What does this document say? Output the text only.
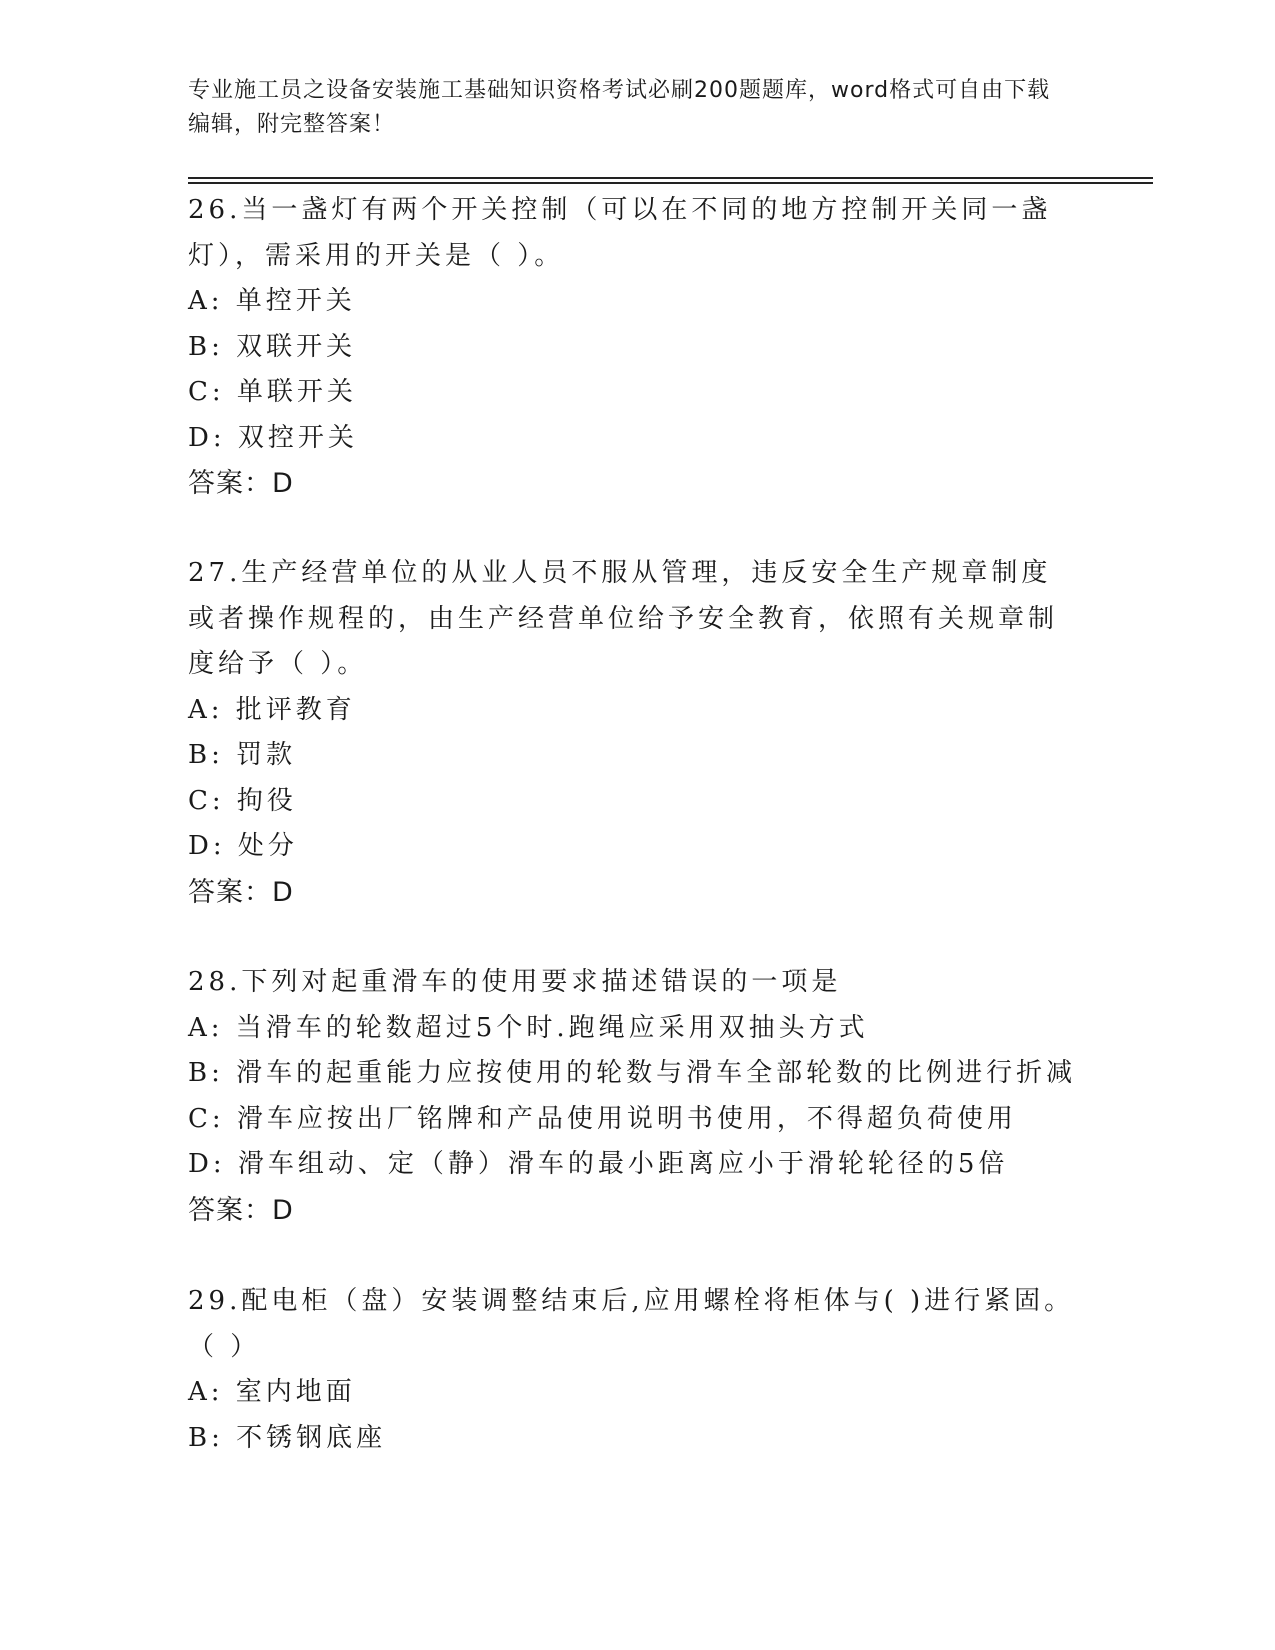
专业施工员之设备安装施工基础知识资格考试必刷200题题库，word格式可自由下载编辑，附完整答案！
26.当一盏灯有两个开关控制（可以在不同的地方控制开关同一盏灯），需采用的开关是（ ）。
A: 单控开关
B: 双联开关
C: 单联开关
D: 双控开关
答案：D
27.生产经营单位的从业人员不服从管理，违反安全生产规章制度或者操作规程的，由生产经营单位给予安全教育，依照有关规章制度给予（ ）。
A: 批评教育
B: 罚款
C: 拘役
D: 处分
答案：D
28.下列对起重滑车的使用要求描述错误的一项是
A: 当滑车的轮数超过5个时.跑绳应采用双抽头方式
B: 滑车的起重能力应按使用的轮数与滑车全部轮数的比例进行折减
C: 滑车应按出厂铭牌和产品使用说明书使用，不得超负荷使用
D: 滑车组动、定（静）滑车的最小距离应小于滑轮轮径的5倍
答案：D
29.配电柜（盘）安装调整结束后,应用螺栓将柜体与( )进行紧固。（ ）
A: 室内地面
B: 不锈钢底座
